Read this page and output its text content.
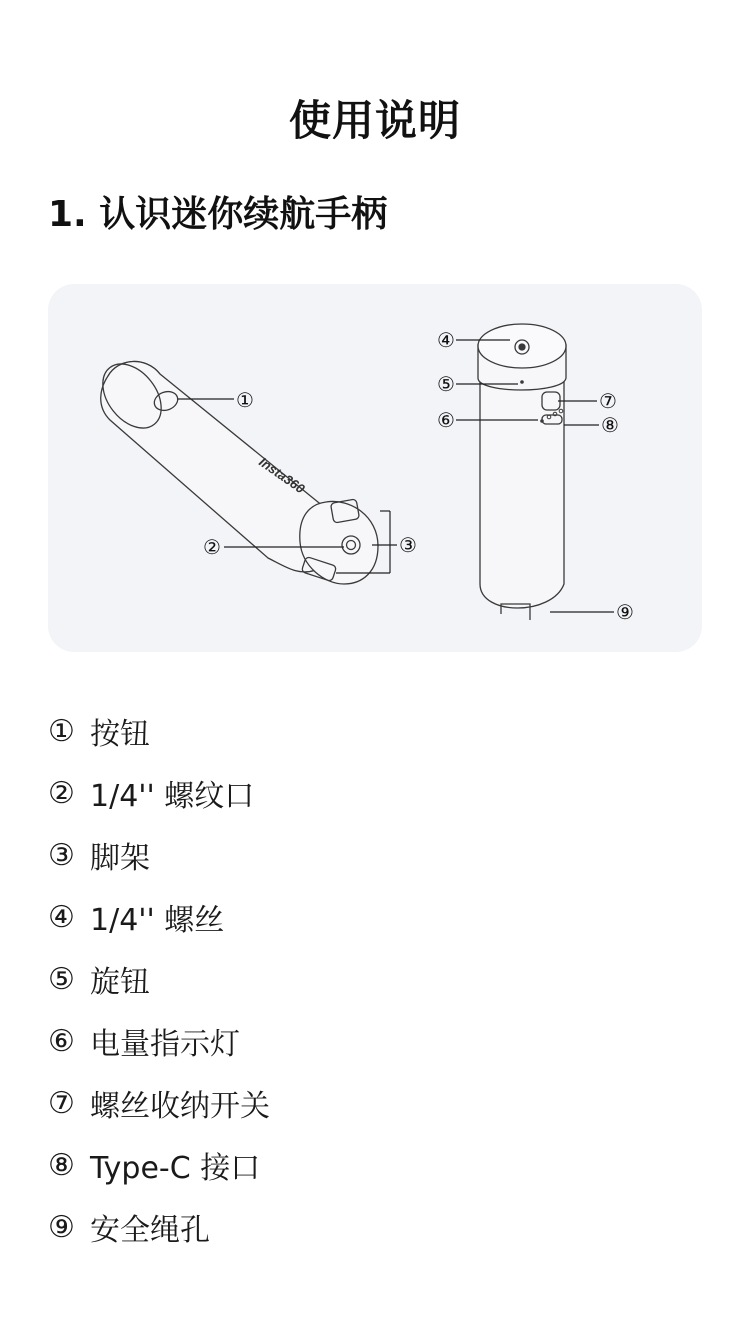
使用说明
1. 认识迷你续航手柄
Insta360
①
②	③
④
⑤
⑥
⑦
⑧
⑨
① 按钮
② 1/4'' 螺纹口
③ 脚架
④ 1/4'' 螺丝
⑤ 旋钮
⑥ 电量指示灯
⑦ 螺丝收纳开关
⑧ Type-C 接口
⑨ 安全绳孔
